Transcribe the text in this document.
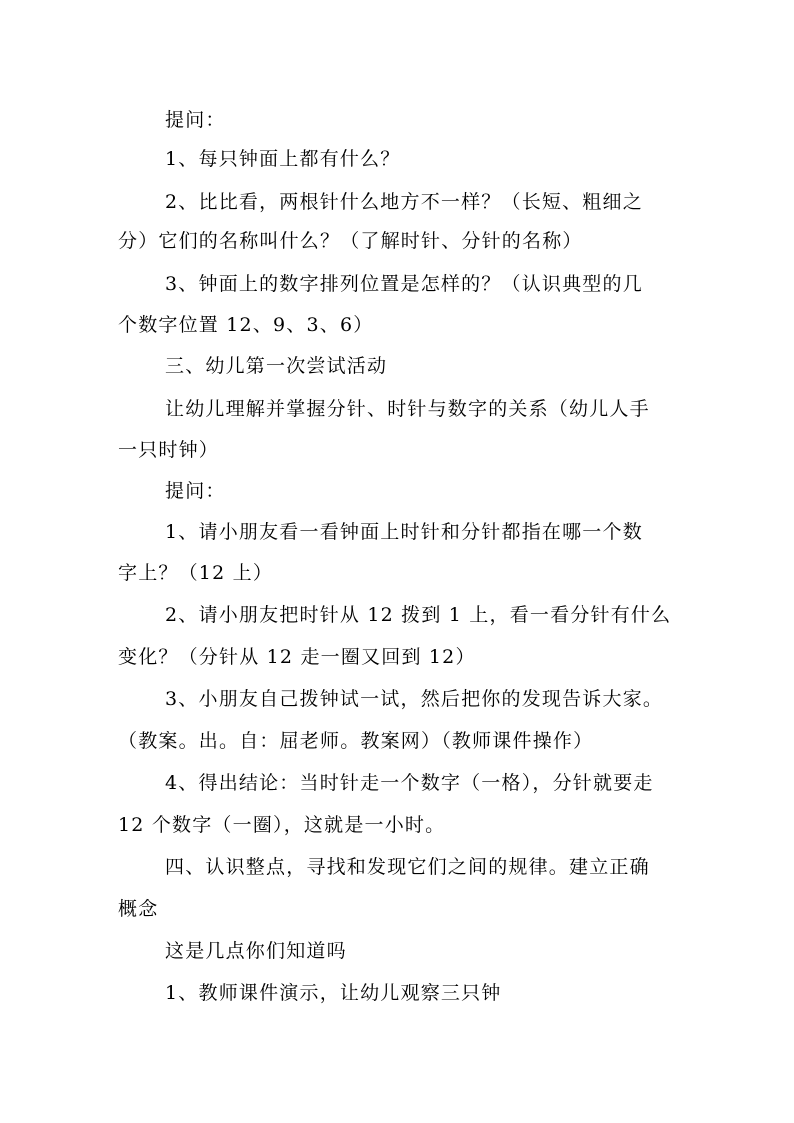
提问：
1、每只钟面上都有什么？
2、比比看，两根针什么地方不一样？（长短、粗细之
分）它们的名称叫什么？（了解时针、分针的名称）
3、钟面上的数字排列位置是怎样的？（认识典型的几
个数字位置 12、9、3、6）
三、幼儿第一次尝试活动
让幼儿理解并掌握分针、时针与数字的关系（幼儿人手
一只时钟）
提问：
1、请小朋友看一看钟面上时针和分针都指在哪一个数
字上？（12 上）
2、请小朋友把时针从 12 拨到 1 上，看一看分针有什么
变化？（分针从 12 走一圈又回到 12）
3、小朋友自己拨钟试一试，然后把你的发现告诉大家。
（教案。出。自：屈老师。教案网）（教师课件操作）
4、得出结论：当时针走一个数字（一格），分针就要走
12 个数字（一圈），这就是一小时。
四、认识整点，寻找和发现它们之间的规律。建立正确
概念
这是几点你们知道吗
1、教师课件演示，让幼儿观察三只钟
